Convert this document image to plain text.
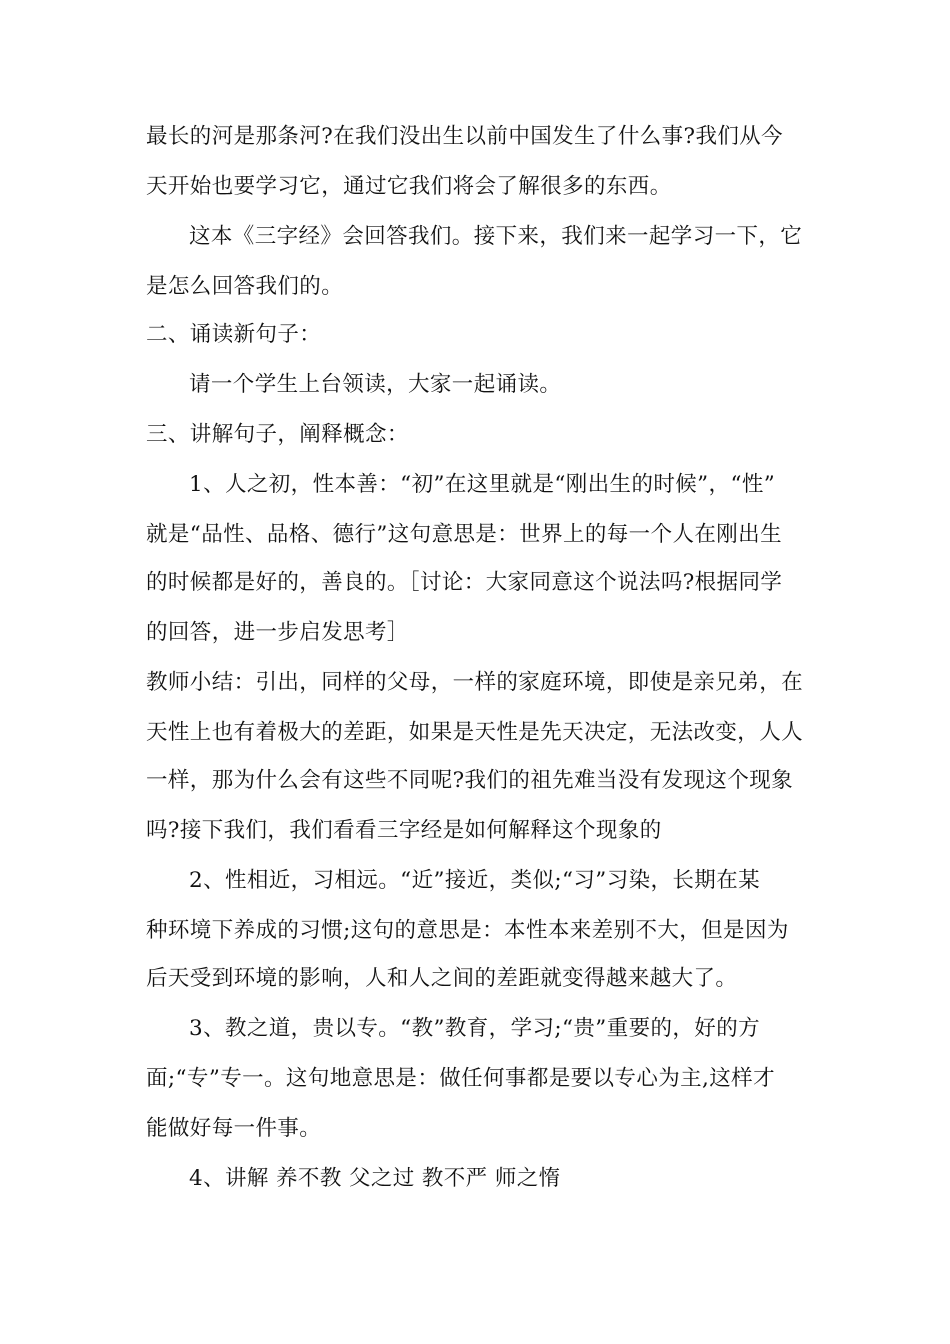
最长的河是那条河?在我们没出生以前中国发生了什么事?我们从今
天开始也要学习它，通过它我们将会了解很多的东西。
这本《三字经》会回答我们。接下来，我们来一起学习一下，它
是怎么回答我们的。
二、诵读新句子：
请一个学生上台领读，大家一起诵读。
三、讲解句子，阐释概念：
1、人之初，性本善：“初”在这里就是“刚出生的时候”，“性”
就是“品性、品格、德行”这句意思是：世界上的每一个人在刚出生
的时候都是好的，善良的。［讨论：大家同意这个说法吗?根据同学
的回答，进一步启发思考］
教师小结：引出，同样的父母，一样的家庭环境，即使是亲兄弟，在
天性上也有着极大的差距，如果是天性是先天决定，无法改变，人人
一样，那为什么会有这些不同呢?我们的祖先难当没有发现这个现象
吗?接下我们，我们看看三字经是如何解释这个现象的
2、性相近，习相远。“近”接近，类似;“习”习染，长期在某
种环境下养成的习惯;这句的意思是：本性本来差别不大，但是因为
后天受到环境的影响，人和人之间的差距就变得越来越大了。
3、教之道，贵以专。“教”教育，学习;“贵”重要的，好的方
面;“专”专一。这句地意思是：做任何事都是要以专心为主,这样才
能做好每一件事。
4、讲解 养不教 父之过 教不严 师之惰
